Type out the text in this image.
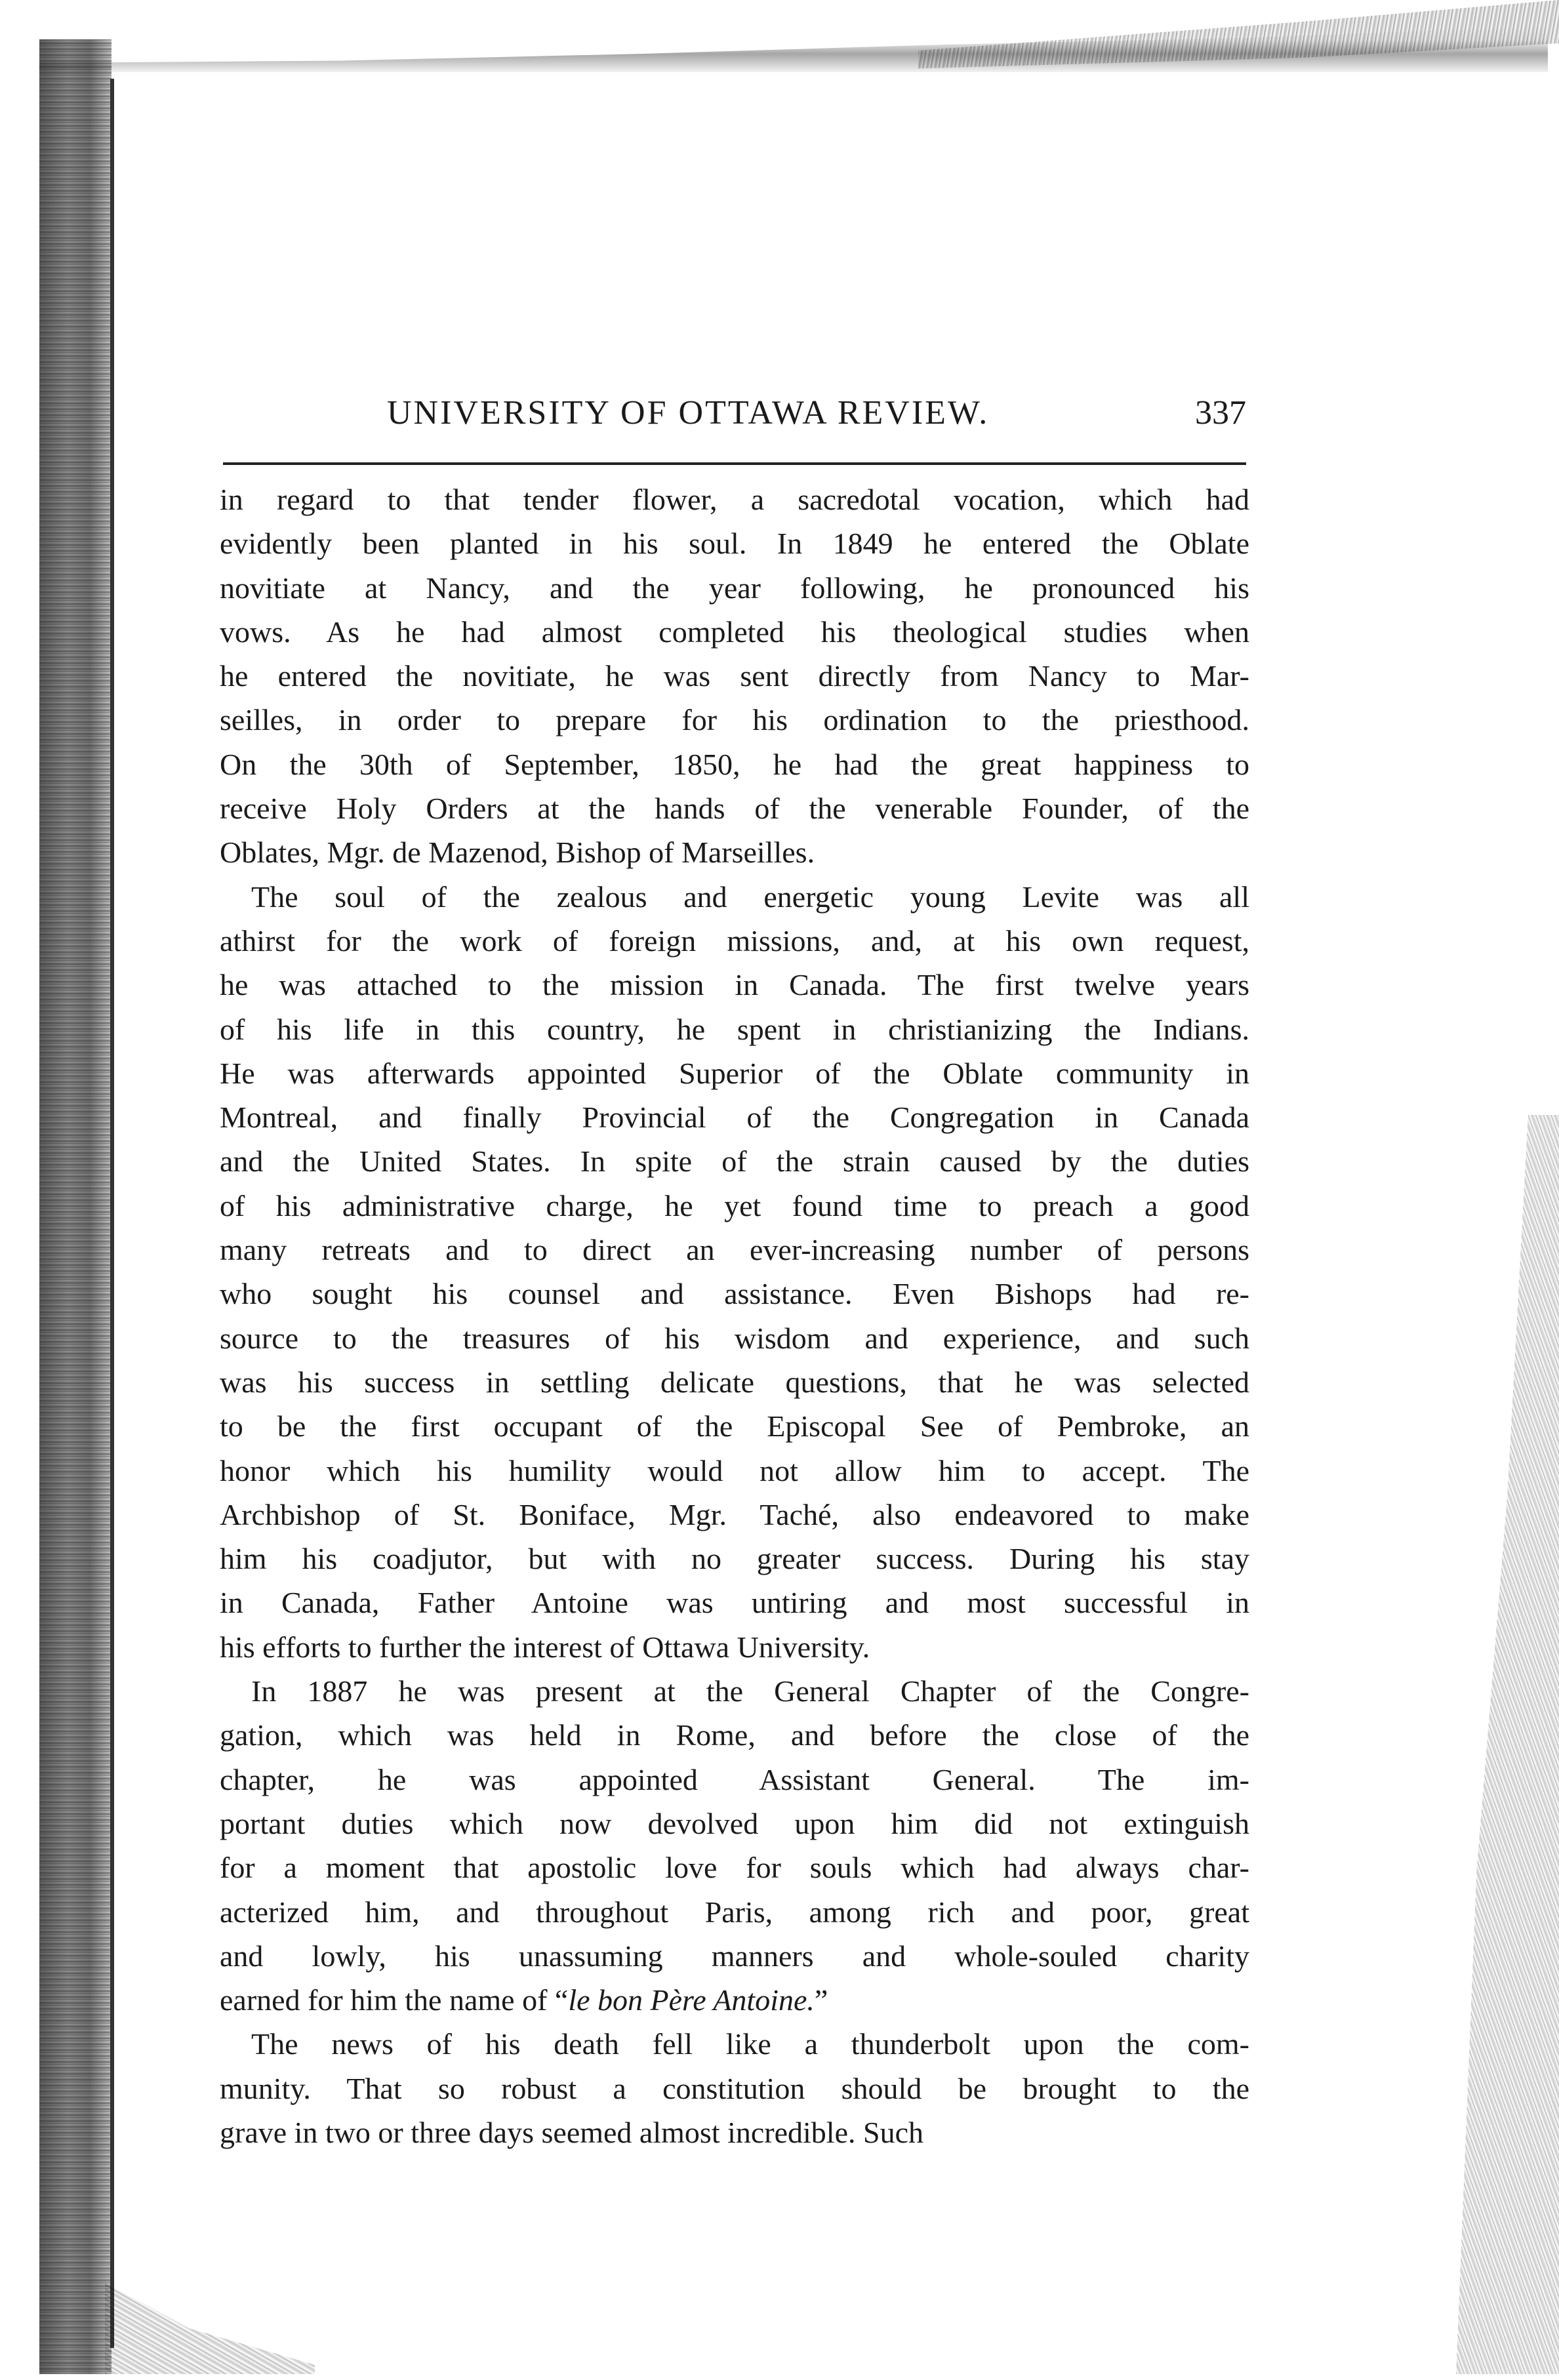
UNIVERSITY OF OTTAWA REVIEW.	337
in regard to that tender flower, a sacredotal vocation, which had
evidently been planted in his soul. In 1849 he entered the Oblate
novitiate at Nancy, and the year following, he pronounced his
vows. As he had almost completed his theological studies when
he entered the novitiate, he was sent directly from Nancy to Mar-
seilles, in order to prepare for his ordination to the priesthood.
On the 30th of September, 1850, he had the great happiness to
receive Holy Orders at the hands of the venerable Founder, of the
Oblates, Mgr. de Mazenod, Bishop of Marseilles.
The soul of the zealous and energetic young Levite was all
athirst for the work of foreign missions, and, at his own request,
he was attached to the mission in Canada. The first twelve years
of his life in this country, he spent in christianizing the Indians.
He was afterwards appointed Superior of the Oblate community in
Montreal, and finally Provincial of the Congregation in Canada
and the United States. In spite of the strain caused by the duties
of his administrative charge, he yet found time to preach a good
many retreats and to direct an ever-increasing number of persons
who sought his counsel and assistance. Even Bishops had re-
source to the treasures of his wisdom and experience, and such
was his success in settling delicate questions, that he was selected
to be the first occupant of the Episcopal See of Pembroke, an
honor which his humility would not allow him to accept. The
Archbishop of St. Boniface, Mgr. Taché, also endeavored to make
him his coadjutor, but with no greater success. During his stay
in Canada, Father Antoine was untiring and most successful in
his efforts to further the interest of Ottawa University.
In 1887 he was present at the General Chapter of the Congre-
gation, which was held in Rome, and before the close of the
chapter, he was appointed Assistant General. The im-
portant duties which now devolved upon him did not extinguish
for a moment that apostolic love for souls which had always char-
acterized him, and throughout Paris, among rich and poor, great
and lowly, his unassuming manners and whole-souled charity
earned for him the name of “le bon Père Antoine.”
The news of his death fell like a thunderbolt upon the com-
munity. That so robust a constitution should be brought to the
grave in two or three days seemed almost incredible. Such
